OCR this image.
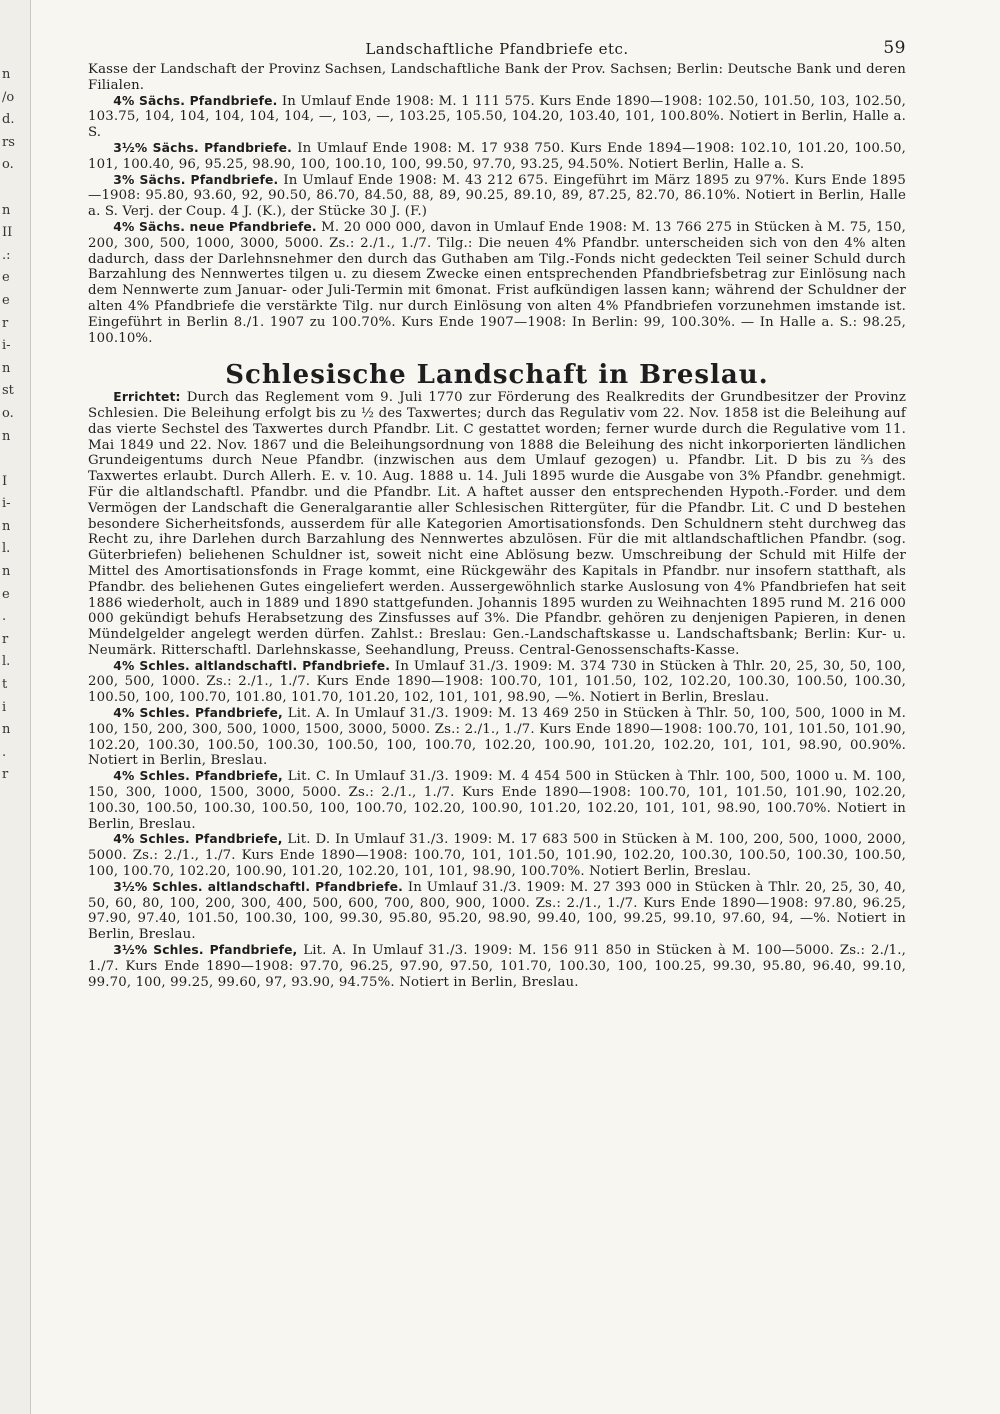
n
/o
d.
rs
o.
n
II
.:
e
e
r
i-
n
st
o.
n
I
i-
n
l.
n
e
.
r
l.
t
i
n
.
r
Landschaftliche Pfandbriefe etc.	59

Kasse der Landschaft der Provinz Sachsen, Landschaftliche Bank der Prov. Sachsen; Berlin: Deutsche Bank und deren Filialen.

4% Sächs. Pfandbriefe. In Umlauf Ende 1908: M. 1 111 575. Kurs Ende 1890—1908: 102.50, 101.50, 103, 102.50, 103.75, 104, 104, 104, 104, 104, —, 103, —, 103.25, 105.50, 104.20, 103.40, 101, 100.80%. Notiert in Berlin, Halle a. S.

3½% Sächs. Pfandbriefe. In Umlauf Ende 1908: M. 17 938 750. Kurs Ende 1894—1908: 102.10, 101.20, 100.50, 101, 100.40, 96, 95.25, 98.90, 100, 100.10, 100, 99.50, 97.70, 93.25, 94.50%. Notiert Berlin, Halle a. S.

3% Sächs. Pfandbriefe. In Umlauf Ende 1908: M. 43 212 675. Eingeführt im März 1895 zu 97%. Kurs Ende 1895—1908: 95.80, 93.60, 92, 90.50, 86.70, 84.50, 88, 89, 90.25, 89.10, 89, 87.25, 82.70, 86.10%. Notiert in Berlin, Halle a. S. Verj. der Coup. 4 J. (K.), der Stücke 30 J. (F.)

4% Sächs. neue Pfandbriefe. M. 20 000 000, davon in Umlauf Ende 1908: M. 13 766 275 in Stücken à M. 75, 150, 200, 300, 500, 1000, 3000, 5000. Zs.: 2./1., 1./7. Tilg.: Die neuen 4% Pfandbr. unterscheiden sich von den 4% alten dadurch, dass der Darlehnsnehmer den durch das Guthaben am Tilg.-Fonds nicht gedeckten Teil seiner Schuld durch Barzahlung des Nennwertes tilgen u. zu diesem Zwecke einen entsprechenden Pfandbriefsbetrag zur Einlösung nach dem Nennwerte zum Januar- oder Juli-Termin mit 6monat. Frist aufkündigen lassen kann; während der Schuldner der alten 4% Pfandbriefe die verstärkte Tilg. nur durch Einlösung von alten 4% Pfandbriefen vorzunehmen imstande ist. Eingeführt in Berlin 8./1. 1907 zu 100.70%. Kurs Ende 1907—1908: In Berlin: 99, 100.30%. — In Halle a. S.: 98.25, 100.10%.

Schlesische Landschaft in Breslau.

Errichtet: Durch das Reglement vom 9. Juli 1770 zur Förderung des Realkredits der Grundbesitzer der Provinz Schlesien. Die Beleihung erfolgt bis zu ½ des Taxwertes; durch das Regulativ vom 22. Nov. 1858 ist die Beleihung auf das vierte Sechstel des Taxwertes durch Pfandbr. Lit. C gestattet worden; ferner wurde durch die Regulative vom 11. Mai 1849 und 22. Nov. 1867 und die Beleihungsordnung von 1888 die Beleihung des nicht inkorporierten ländlichen Grundeigentums durch Neue Pfandbr. (inzwischen aus dem Umlauf gezogen) u. Pfandbr. Lit. D bis zu ⅔ des Taxwertes erlaubt. Durch Allerh. E. v. 10. Aug. 1888 u. 14. Juli 1895 wurde die Ausgabe von 3% Pfandbr. genehmigt. Für die altlandschaftl. Pfandbr. und die Pfandbr. Lit. A haftet ausser den entsprechenden Hypoth.-Forder. und dem Vermögen der Landschaft die Generalgarantie aller Schlesischen Rittergüter, für die Pfandbr. Lit. C und D bestehen besondere Sicherheitsfonds, ausserdem für alle Kategorien Amortisationsfonds. Den Schuldnern steht durchweg das Recht zu, ihre Darlehen durch Barzahlung des Nennwertes abzulösen. Für die mit altlandschaftlichen Pfandbr. (sog. Güterbriefen) beliehenen Schuldner ist, soweit nicht eine Ablösung bezw. Umschreibung der Schuld mit Hilfe der Mittel des Amortisationsfonds in Frage kommt, eine Rückgewähr des Kapitals in Pfandbr. nur insofern statthaft, als Pfandbr. des beliehenen Gutes eingeliefert werden. Aussergewöhnlich starke Auslosung von 4% Pfandbriefen hat seit 1886 wiederholt, auch in 1889 und 1890 stattgefunden. Johannis 1895 wurden zu Weihnachten 1895 rund M. 216 000 000 gekündigt behufs Herabsetzung des Zinsfusses auf 3%. Die Pfandbr. gehören zu denjenigen Papieren, in denen Mündelgelder angelegt werden dürfen. Zahlst.: Breslau: Gen.-Landschaftskasse u. Landschaftsbank; Berlin: Kur- u. Neumärk. Ritterschaftl. Darlehnskasse, Seehandlung, Preuss. Central-Genossenschafts-Kasse.

4% Schles. altlandschaftl. Pfandbriefe. In Umlauf 31./3. 1909: M. 374 730 in Stücken à Thlr. 20, 25, 30, 50, 100, 200, 500, 1000. Zs.: 2./1., 1./7. Kurs Ende 1890—1908: 100.70, 101, 101.50, 102, 102.20, 100.30, 100.50, 100.30, 100.50, 100, 100.70, 101.80, 101.70, 101.20, 102, 101, 101, 98.90, —%. Notiert in Berlin, Breslau.

4% Schles. Pfandbriefe, Lit. A. In Umlauf 31./3. 1909: M. 13 469 250 in Stücken à Thlr. 50, 100, 500, 1000 in M. 100, 150, 200, 300, 500, 1000, 1500, 3000, 5000. Zs.: 2./1., 1./7. Kurs Ende 1890—1908: 100.70, 101, 101.50, 101.90, 102.20, 100.30, 100.50, 100.30, 100.50, 100, 100.70, 102.20, 100.90, 101.20, 102.20, 101, 101, 98.90, 00.90%. Notiert in Berlin, Breslau.

4% Schles. Pfandbriefe, Lit. C. In Umlauf 31./3. 1909: M. 4 454 500 in Stücken à Thlr. 100, 500, 1000 u. M. 100, 150, 300, 1000, 1500, 3000, 5000. Zs.: 2./1., 1./7. Kurs Ende 1890—1908: 100.70, 101, 101.50, 101.90, 102.20, 100.30, 100.50, 100.30, 100.50, 100, 100.70, 102.20, 100.90, 101.20, 102.20, 101, 101, 98.90, 100.70%. Notiert in Berlin, Breslau.

4% Schles. Pfandbriefe, Lit. D. In Umlauf 31./3. 1909: M. 17 683 500 in Stücken à M. 100, 200, 500, 1000, 2000, 5000. Zs.: 2./1., 1./7. Kurs Ende 1890—1908: 100.70, 101, 101.50, 101.90, 102.20, 100.30, 100.50, 100.30, 100.50, 100, 100.70, 102.20, 100.90, 101.20, 102.20, 101, 101, 98.90, 100.70%. Notiert Berlin, Breslau.

3½% Schles. altlandschaftl. Pfandbriefe. In Umlauf 31./3. 1909: M. 27 393 000 in Stücken à Thlr. 20, 25, 30, 40, 50, 60, 80, 100, 200, 300, 400, 500, 600, 700, 800, 900, 1000. Zs.: 2./1., 1./7. Kurs Ende 1890—1908: 97.80, 96.25, 97.90, 97.40, 101.50, 100.30, 100, 99.30, 95.80, 95.20, 98.90, 99.40, 100, 99.25, 99.10, 97.60, 94, —%. Notiert in Berlin, Breslau.

3½% Schles. Pfandbriefe, Lit. A. In Umlauf 31./3. 1909: M. 156 911 850 in Stücken à M. 100—5000. Zs.: 2./1., 1./7. Kurs Ende 1890—1908: 97.70, 96.25, 97.90, 97.50, 101.70, 100.30, 100, 100.25, 99.30, 95.80, 96.40, 99.10, 99.70, 100, 99.25, 99.60, 97, 93.90, 94.75%. Notiert in Berlin, Breslau.
